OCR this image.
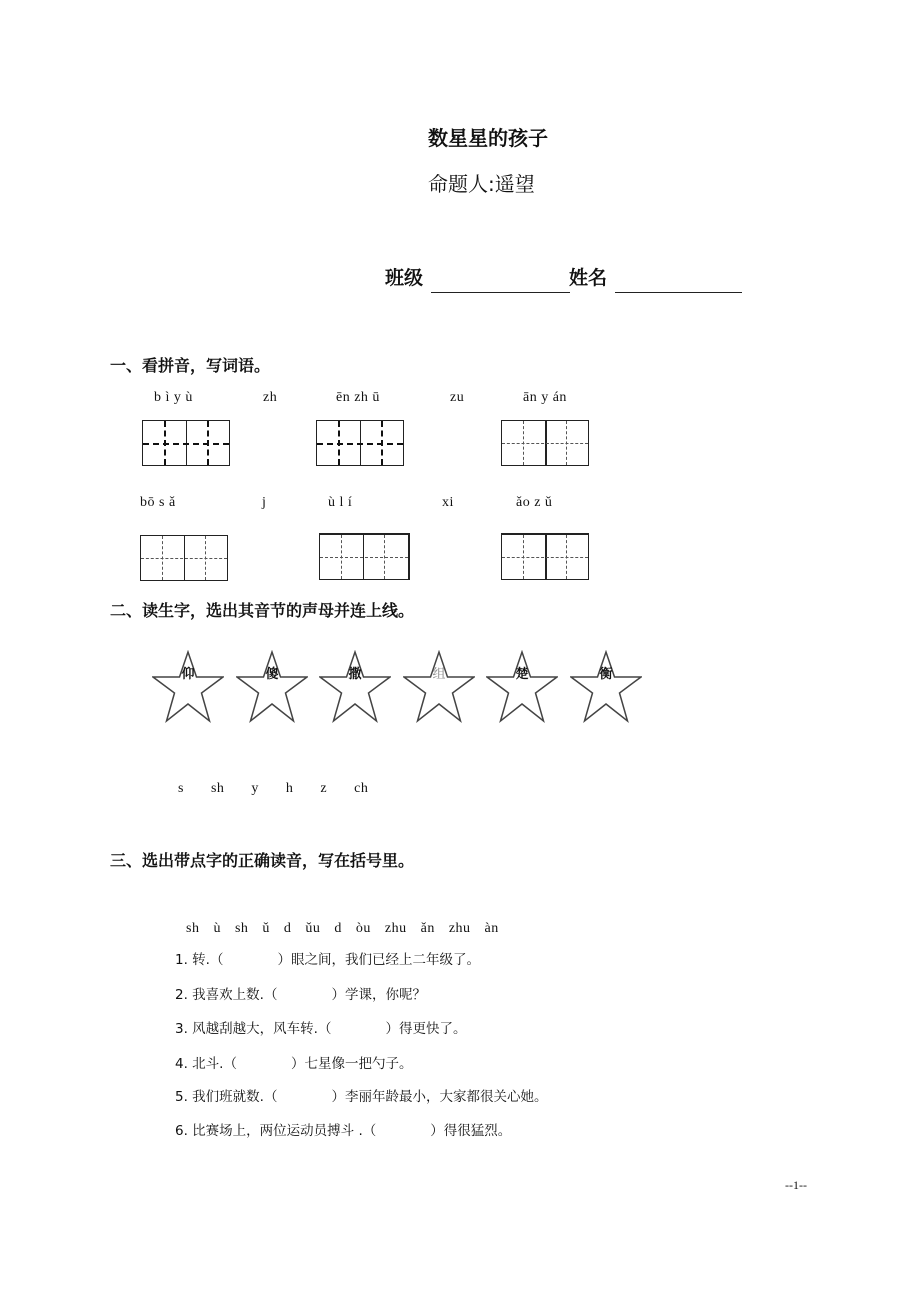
数星星的孩子
命题人:遥望
班级	姓名
一、看拼音，写词语。
b ì y ù	zh	ēn zh ū	zu	ān y án
bō s ǎ	j	ù l í	xi	ǎo z ǔ
二、读生字，选出其音节的声母并连上线。
仰	傻	撒	组	楚	衡
s sh y h z ch
三、选出带点字的正确读音，写在括号里。
sh ù sh ǔ d ǔu d òu zhu ǎn zhu àn
1. 转.（　　　　）眼之间，我们已经上二年级了。
2. 我喜欢上数.（　　　　）学课，你呢？
3. 风越刮越大，风车转.（　　　　）得更快了。
4. 北斗.（　　　　）七星像一把勺子。
5. 我们班就数.（　　　　）李丽年龄最小，大家都很关心她。
6. 比赛场上，两位运动员搏斗 .（　　　　）得很猛烈。
--1--
